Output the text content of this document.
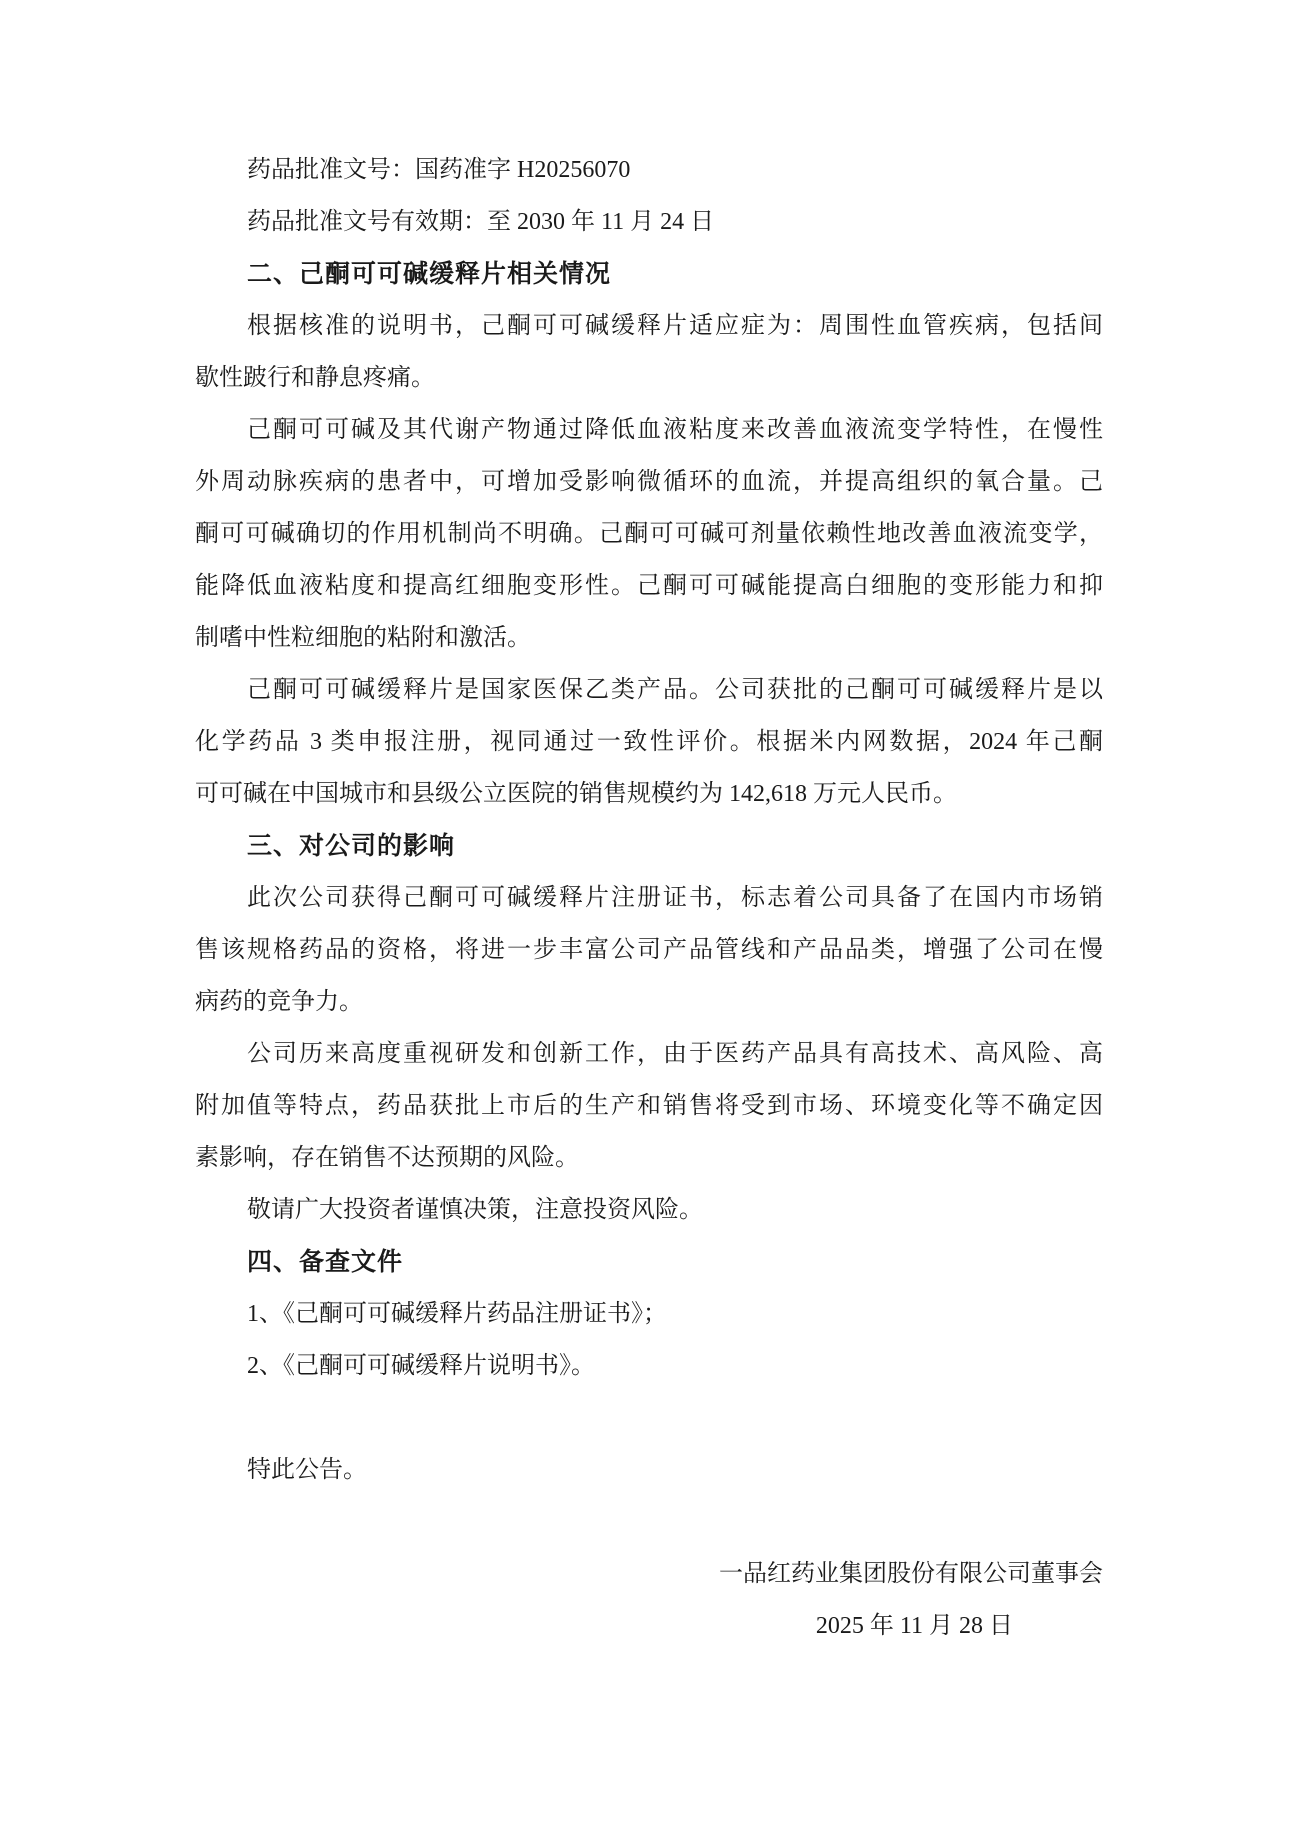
药品批准文号：国药准字 H20256070
药品批准文号有效期：至 2030 年 11 月 24 日
二、己酮可可碱缓释片相关情况
根据核准的说明书，己酮可可碱缓释片适应症为：周围性血管疾病，包括间
歇性跛行和静息疼痛。
己酮可可碱及其代谢产物通过降低血液粘度来改善血液流变学特性，在慢性
外周动脉疾病的患者中，可增加受影响微循环的血流，并提高组织的氧合量。己
酮可可碱确切的作用机制尚不明确。己酮可可碱可剂量依赖性地改善血液流变学，
能降低血液粘度和提高红细胞变形性。己酮可可碱能提高白细胞的变形能力和抑
制嗜中性粒细胞的粘附和激活。
己酮可可碱缓释片是国家医保乙类产品。公司获批的己酮可可碱缓释片是以
化学药品 3 类申报注册，视同通过一致性评价。根据米内网数据，2024 年己酮
可可碱在中国城市和县级公立医院的销售规模约为 142,618 万元人民币。
三、对公司的影响
此次公司获得己酮可可碱缓释片注册证书，标志着公司具备了在国内市场销
售该规格药品的资格，将进一步丰富公司产品管线和产品品类，增强了公司在慢
病药的竞争力。
公司历来高度重视研发和创新工作，由于医药产品具有高技术、高风险、高
附加值等特点，药品获批上市后的生产和销售将受到市场、环境变化等不确定因
素影响，存在销售不达预期的风险。
敬请广大投资者谨慎决策，注意投资风险。
四、备查文件
1、《己酮可可碱缓释片药品注册证书》；
2、《己酮可可碱缓释片说明书》。
特此公告。
一品红药业集团股份有限公司董事会
2025 年 11 月 28 日
